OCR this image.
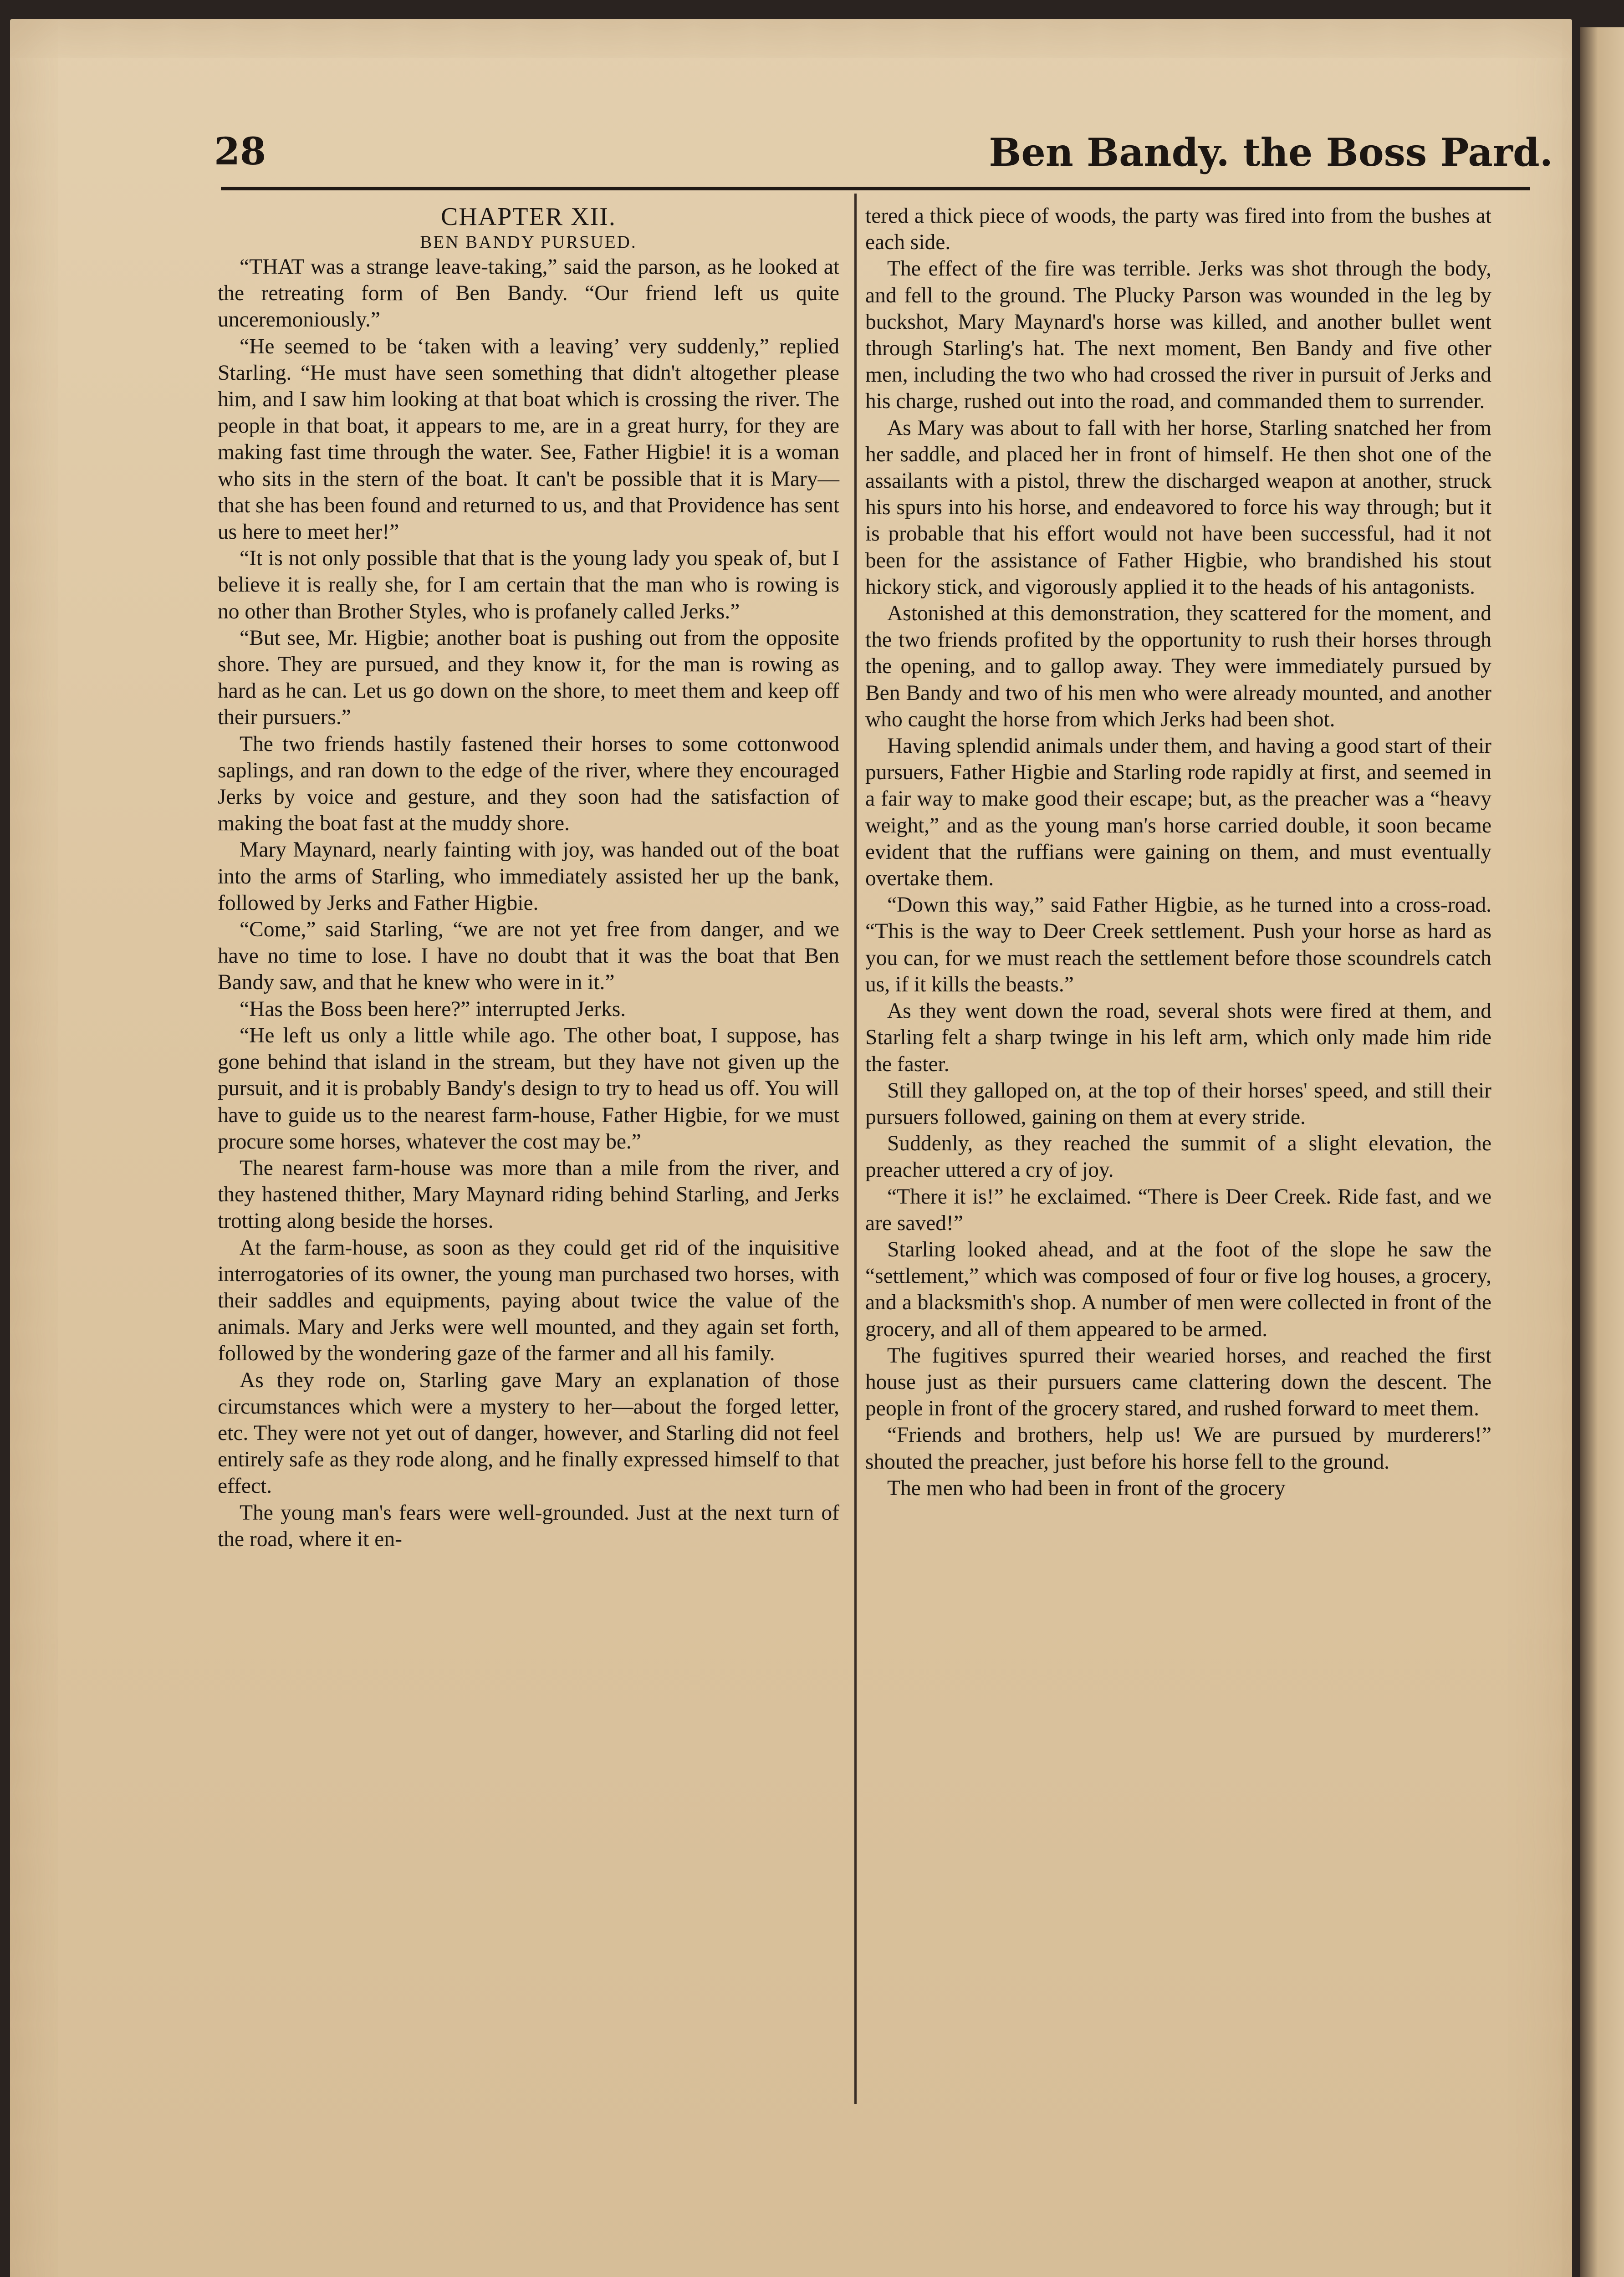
28	Ben Bandy. the Boss Pard.

CHAPTER XII.

BEN BANDY PURSUED.

“THAT was a strange leave-taking,” said the parson, as he looked at the retreating form of Ben Bandy. “Our friend left us quite unceremoniously.”

“He seemed to be ‘taken with a leaving’ very suddenly,” replied Starling. “He must have seen something that didn't altogether please him, and I saw him looking at that boat which is crossing the river. The people in that boat, it appears to me, are in a great hurry, for they are making fast time through the water. See, Father Higbie! it is a woman who sits in the stern of the boat. It can't be possible that it is Mary—that she has been found and returned to us, and that Providence has sent us here to meet her!”

“It is not only possible that that is the young lady you speak of, but I believe it is really she, for I am certain that the man who is rowing is no other than Brother Styles, who is profanely called Jerks.”

“But see, Mr. Higbie; another boat is pushing out from the opposite shore. They are pursued, and they know it, for the man is rowing as hard as he can. Let us go down on the shore, to meet them and keep off their pursuers.”

The two friends hastily fastened their horses to some cottonwood saplings, and ran down to the edge of the river, where they encouraged Jerks by voice and gesture, and they soon had the satisfaction of making the boat fast at the muddy shore.

Mary Maynard, nearly fainting with joy, was handed out of the boat into the arms of Starling, who immediately assisted her up the bank, followed by Jerks and Father Higbie.

“Come,” said Starling, “we are not yet free from danger, and we have no time to lose. I have no doubt that it was the boat that Ben Bandy saw, and that he knew who were in it.”

“Has the Boss been here?” interrupted Jerks.

“He left us only a little while ago. The other boat, I suppose, has gone behind that island in the stream, but they have not given up the pursuit, and it is probably Bandy's design to try to head us off. You will have to guide us to the nearest farm-house, Father Higbie, for we must procure some horses, whatever the cost may be.”

The nearest farm-house was more than a mile from the river, and they hastened thither, Mary Maynard riding behind Starling, and Jerks trotting along beside the horses.

At the farm-house, as soon as they could get rid of the inquisitive interrogatories of its owner, the young man purchased two horses, with their saddles and equipments, paying about twice the value of the animals. Mary and Jerks were well mounted, and they again set forth, followed by the wondering gaze of the farmer and all his family.

As they rode on, Starling gave Mary an explanation of those circumstances which were a mystery to her—about the forged letter, etc. They were not yet out of danger, however, and Starling did not feel entirely safe as they rode along, and he finally expressed himself to that effect.

The young man's fears were well-grounded. Just at the next turn of the road, where it en-

tered a thick piece of woods, the party was fired into from the bushes at each side.

The effect of the fire was terrible. Jerks was shot through the body, and fell to the ground. The Plucky Parson was wounded in the leg by buckshot, Mary Maynard's horse was killed, and another bullet went through Starling's hat. The next moment, Ben Bandy and five other men, including the two who had crossed the river in pursuit of Jerks and his charge, rushed out into the road, and commanded them to surrender.

As Mary was about to fall with her horse, Starling snatched her from her saddle, and placed her in front of himself. He then shot one of the assailants with a pistol, threw the discharged weapon at another, struck his spurs into his horse, and endeavored to force his way through; but it is probable that his effort would not have been successful, had it not been for the assistance of Father Higbie, who brandished his stout hickory stick, and vigorously applied it to the heads of his antagonists.

Astonished at this demonstration, they scattered for the moment, and the two friends profited by the opportunity to rush their horses through the opening, and to gallop away. They were immediately pursued by Ben Bandy and two of his men who were already mounted, and another who caught the horse from which Jerks had been shot.

Having splendid animals under them, and having a good start of their pursuers, Father Higbie and Starling rode rapidly at first, and seemed in a fair way to make good their escape; but, as the preacher was a “heavy weight,” and as the young man's horse carried double, it soon became evident that the ruffians were gaining on them, and must eventually overtake them.

“Down this way,” said Father Higbie, as he turned into a cross-road. “This is the way to Deer Creek settlement. Push your horse as hard as you can, for we must reach the settlement before those scoundrels catch us, if it kills the beasts.”

As they went down the road, several shots were fired at them, and Starling felt a sharp twinge in his left arm, which only made him ride the faster.

Still they galloped on, at the top of their horses' speed, and still their pursuers followed, gaining on them at every stride.

Suddenly, as they reached the summit of a slight elevation, the preacher uttered a cry of joy.

“There it is!” he exclaimed. “There is Deer Creek. Ride fast, and we are saved!”

Starling looked ahead, and at the foot of the slope he saw the “settlement,” which was composed of four or five log houses, a grocery, and a blacksmith's shop. A number of men were collected in front of the grocery, and all of them appeared to be armed.

The fugitives spurred their wearied horses, and reached the first house just as their pursuers came clattering down the descent. The people in front of the grocery stared, and rushed forward to meet them.

“Friends and brothers, help us! We are pursued by murderers!” shouted the preacher, just before his horse fell to the ground.

The men who had been in front of the grocery
